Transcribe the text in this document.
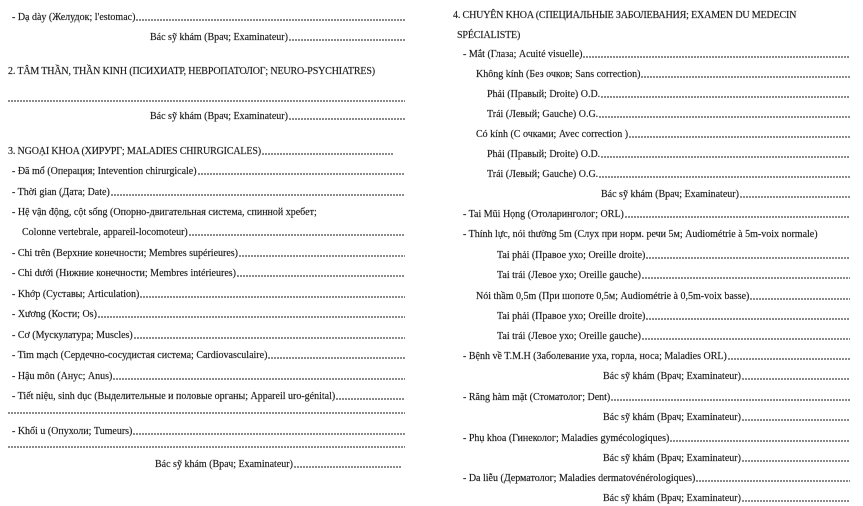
- Dạ dày (Желудок; l'estomac)
Bác sỹ khám (Врач; Examinateur)
2. TÂM THẦN, THẦN KINH (ПСИХИАТР, НЕВРОПАТОЛОГ; NEURO-PSYCHIATRES)
Bác sỹ khám (Врач; Examinateur)
3. NGOẠI KHOA (ХИРУРГ; MALADIES CHIRURGICALES)
- Đã mổ (Операция; Intevention chirurgicale)
- Thời gian (Дата; Date)
- Hệ vận động, cột sống (Опорно-двигательная система, спинной хребет;
Colonne vertebrale, appareil-locomoteur)
- Chi trên (Верхние конечности; Membres supérieures)
- Chi dưới (Нижние конечности; Membres intérieures)
- Khớp (Суставы; Articulation)
- Xương (Кости; Os)
- Cơ (Мускулатура; Muscles)
- Tim mạch (Сердечно-сосудистая система; Cardiovasculaire)
- Hậu môn (Анус; Anus)
- Tiết niệu, sinh dục (Выделительные и половые органы; Appareil uro-génital)
- Khối u (Опухоли; Tumeurs)
Bác sỹ khám (Врач; Examinateur)
4. CHUYÊN KHOA (СПЕЦИАЛЬНЫЕ ЗАБОЛЕВАНИЯ; EXAMEN DU MEDECIN
SPÉCIALISTE)
- Mắt (Глаза; Acuité visuelle)
Không kính (Без очков; Sans correction)
Phải (Правый; Droite) O.D.
Trái (Левый; Gauche) O.G.
Có kính (С очками; Avec correction )
Phải (Правый; Droite) O.D.
Trái (Левый; Gauche) O.G.
Bác sỹ khám (Врач; Examinateur)
- Tai Mũi Họng (Отоларинголог; ORL)
- Thính lực, nói thường 5m (Слух при норм. речи 5м; Audiométrie à 5m-voix normale)
Tai phải (Правое ухо; Oreille droite)
Tai trái (Левое ухо; Oreille gauche)
Nói thầm 0,5m (При шопоте 0,5м; Audiométrie à 0,5m-voix basse)
Tai phải (Правое ухо; Oreille droite)
Tai trái (Левое ухо; Oreille gauche)
- Bệnh về T.M.H (Заболевание уха, горла, носа; Maladies ORL)
Bác sỹ khám (Врач; Examinateur)
- Răng hàm mặt (Стоматолог; Dent)
Bác sỹ khám (Врач; Examinateur)
- Phụ khoa (Гинеколог; Maladies gymécologiques)
Bác sỹ khám (Врач; Examinateur)
- Da liễu (Дерматолог; Maladies dermatovénérologiques)
Bác sỹ khám (Врач; Examinateur)
